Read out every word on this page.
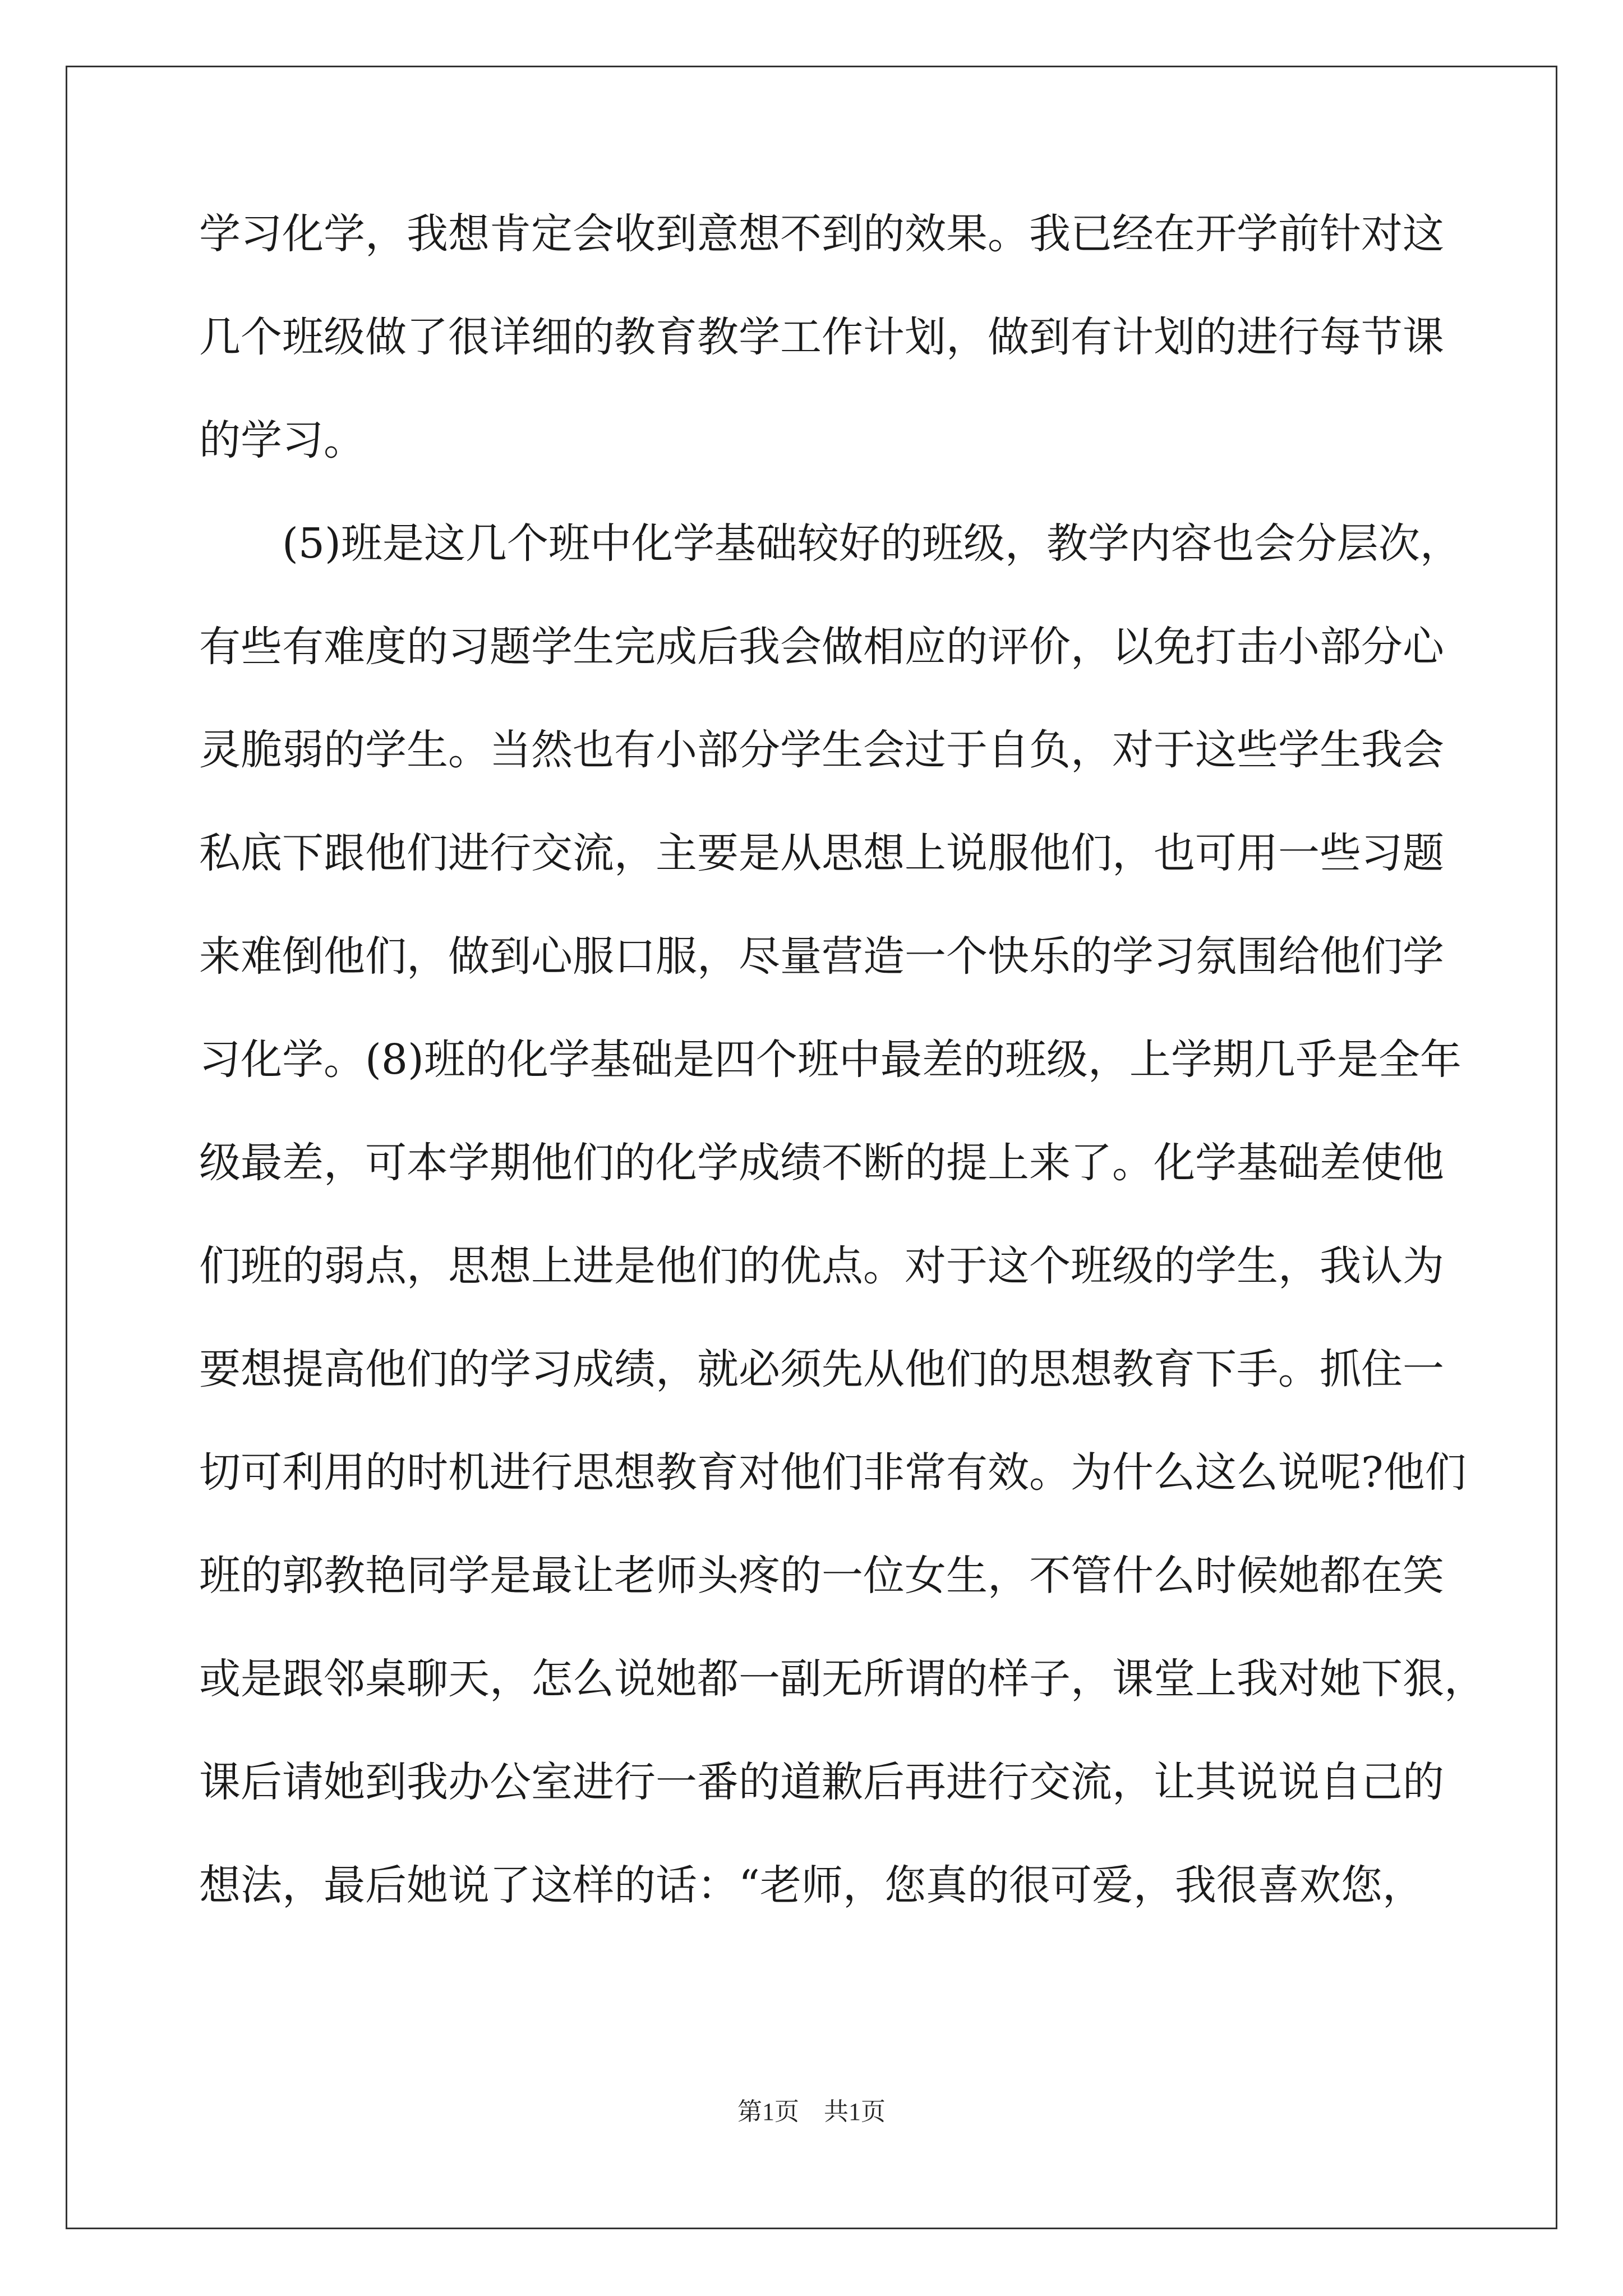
学习化学，我想肯定会收到意想不到的效果。我已经在开学前针对这
几个班级做了很详细的教育教学工作计划，做到有计划的进行每节课
的学习。
(5)班是这几个班中化学基础较好的班级，教学内容也会分层次，
有些有难度的习题学生完成后我会做相应的评价，以免打击小部分心
灵脆弱的学生。当然也有小部分学生会过于自负，对于这些学生我会
私底下跟他们进行交流，主要是从思想上说服他们，也可用一些习题
来难倒他们，做到心服口服，尽量营造一个快乐的学习氛围给他们学
习化学。(8)班的化学基础是四个班中最差的班级，上学期几乎是全年
级最差，可本学期他们的化学成绩不断的提上来了。化学基础差使他
们班的弱点，思想上进是他们的优点。对于这个班级的学生，我认为
要想提高他们的学习成绩，就必须先从他们的思想教育下手。抓住一
切可利用的时机进行思想教育对他们非常有效。为什么这么说呢?他们
班的郭教艳同学是最让老师头疼的一位女生，不管什么时候她都在笑
或是跟邻桌聊天，怎么说她都一副无所谓的样子，课堂上我对她下狠，
课后请她到我办公室进行一番的道歉后再进行交流，让其说说自己的
想法，最后她说了这样的话：“老师，您真的很可爱，我很喜欢您，
第1页　共1页
